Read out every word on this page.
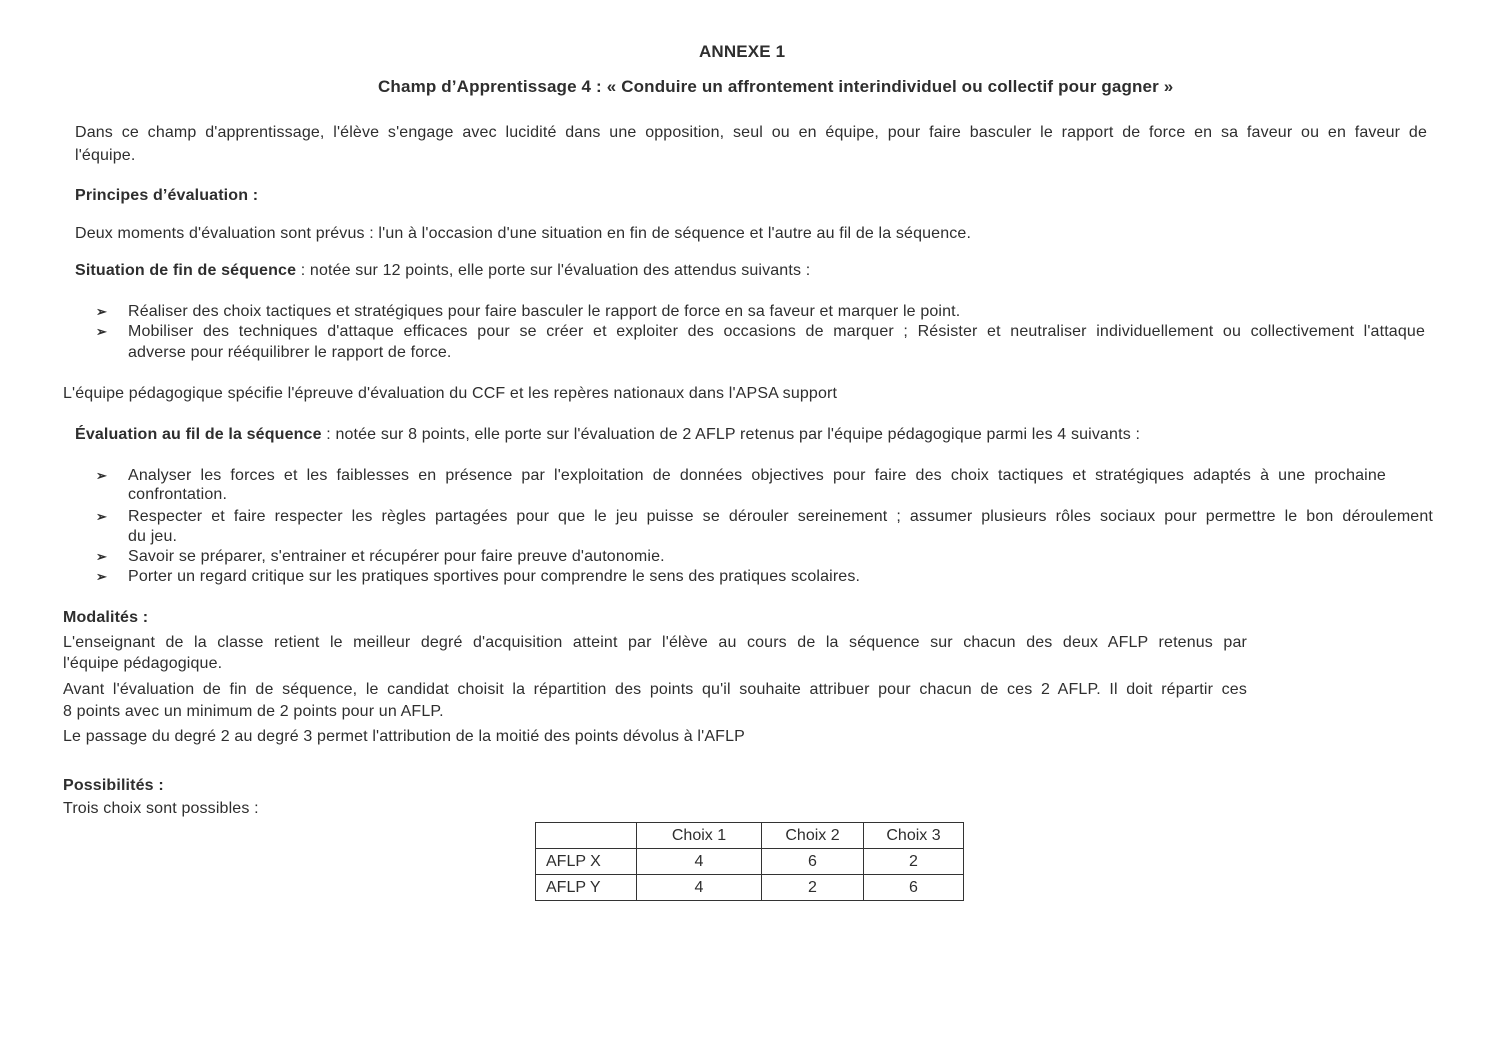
ANNEXE 1
Champ d’Apprentissage 4 : « Conduire un affrontement interindividuel ou collectif pour gagner »
Dans ce champ d'apprentissage, l'élève s'engage avec lucidité dans une opposition, seul ou en équipe, pour faire basculer le rapport de force en sa faveur ou en faveur de
l'équipe.
Principes d’évaluation :
Deux moments d'évaluation sont prévus : l'un à l'occasion d'une situation en fin de séquence et l'autre au fil de la séquence.
Situation de fin de séquence : notée sur 12 points, elle porte sur l'évaluation des attendus suivants :
➢ Réaliser des choix tactiques et stratégiques pour faire basculer le rapport de force en sa faveur et marquer le point.
➢ Mobiliser des techniques d'attaque efficaces pour se créer et exploiter des occasions de marquer ; Résister et neutraliser individuellement ou collectivement l'attaque
adverse pour rééquilibrer le rapport de force.
L'équipe pédagogique spécifie l'épreuve d'évaluation du CCF et les repères nationaux dans l'APSA support
Évaluation au fil de la séquence : notée sur 8 points, elle porte sur l'évaluation de 2 AFLP retenus par l'équipe pédagogique parmi les 4 suivants :
➢ Analyser les forces et les faiblesses en présence par l'exploitation de données objectives pour faire des choix tactiques et stratégiques adaptés à une prochaine
confrontation.
➢ Respecter et faire respecter les règles partagées pour que le jeu puisse se dérouler sereinement ; assumer plusieurs rôles sociaux pour permettre le bon déroulement
du jeu.
➢ Savoir se préparer, s'entrainer et récupérer pour faire preuve d'autonomie.
➢ Porter un regard critique sur les pratiques sportives pour comprendre le sens des pratiques scolaires.
Modalités :
L'enseignant de la classe retient le meilleur degré d'acquisition atteint par l'élève au cours de la séquence sur chacun des deux AFLP retenus par
l'équipe pédagogique.
Avant l'évaluation de fin de séquence, le candidat choisit la répartition des points qu'il souhaite attribuer pour chacun de ces 2 AFLP. Il doit répartir ces
8 points avec un minimum de 2 points pour un AFLP.
Le passage du degré 2 au degré 3 permet l'attribution de la moitié des points dévolus à l'AFLP
Possibilités :
Trois choix sont possibles :
	Choix 1	Choix 2	Choix 3
AFLP X	4	6	2
AFLP Y	4	2	6
